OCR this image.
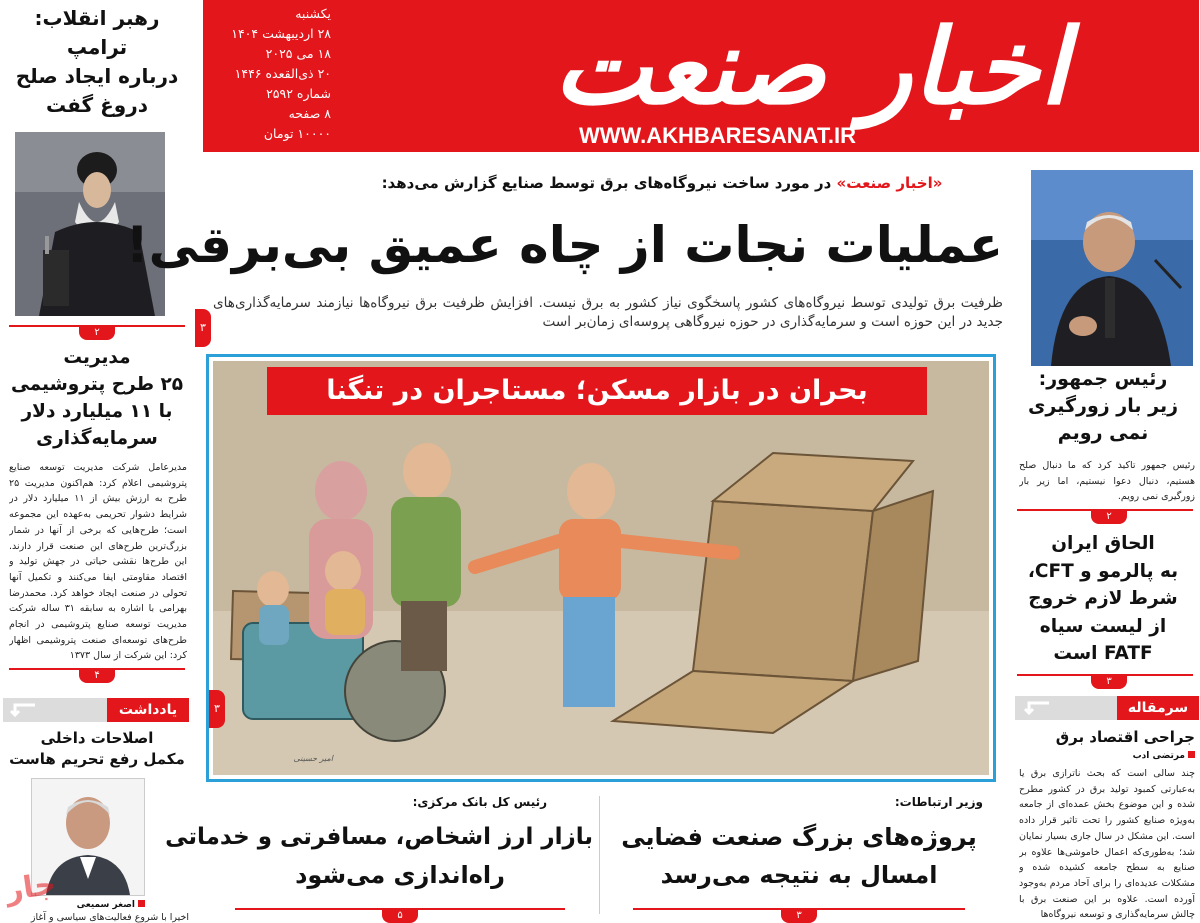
اخبار صنعت
WWW.AKHBARESANAT.IR
یکشنبه
۲۸ اردیبهشت ۱۴۰۴
۱۸ می ۲۰۲۵
۲۰ ذی‌القعده ۱۴۴۶
شماره ۲۵۹۲
۸ صفحه
۱۰۰۰۰ تومان
رهبر انقلاب:
ترامپ
درباره ایجاد صلح
دروغ گفت
۲
مدیریت
۲۵ طرح پتروشیمی
با ۱۱ میلیارد دلار
سرمایه‌گذاری
مدیرعامل شرکت مدیریت توسعه صنایع پتروشیمی اعلام کرد: هم‌اکنون مدیریت ۲۵ طرح به ارزش بیش از ۱۱ میلیارد دلار در شرایط دشوار تحریمی به‌عهده این مجموعه است؛ طرح‌هایی که برخی از آنها در شمار بزرگ‌ترین طرح‌های این صنعت قرار دارند. این طرح‌ها نقشی حیاتی در جهش تولید و اقتصاد مقاومتی ایفا می‌کنند و تکمیل آنها تحولی در صنعت ایجاد خواهد کرد. محمدرضا بهرامی با اشاره به سابقه ۳۱ ساله شرکت مدیریت توسعه صنایع پتروشیمی در انجام طرح‌های توسعه‌ای صنعت پتروشیمی اظهار کرد: این شرکت از سال ۱۳۷۳
۴
یادداشت
اصلاحات داخلی
مکمل رفع تحریم هاست
اصغر سمیعی
اخیرا با شروع فعالیت‌های سیاسی و آغاز
«اخبار صنعت» در مورد ساخت نیروگاه‌های برق توسط صنایع گزارش می‌دهد:
عملیات نجات از چاه عمیق بی‌برقی!
ظرفیت برق تولیدی توسط نیروگاه‌های کشور پاسخگوی نیاز کشور به برق نیست. افزایش ظرفیت برق نیروگاه‌ها نیازمند سرمایه‌گذاری‌های جدید در این حوزه است و سرمایه‌گذاری در حوزه نیروگاهی پروسه‌ای زمان‌بر است
۳
بحران در بازار مسکن؛ مستاجران در تنگنا
امیر حسینی
۳
وزیر ارتباطات:
پروژه‌های بزرگ صنعت فضایی
امسال به نتیجه می‌رسد
۳
رئیس کل بانک مرکزی:
بازار ارز اشخاص، مسافرتی و خدماتی
راه‌اندازی می‌شود
۵
رئیس جمهور:
زیر بار زورگیری
نمی رویم
رئیس جمهور تاکید کرد که ما دنبال صلح هستیم، دنبال دعوا نیستیم، اما زیر بار زورگیری نمی رویم.
۲
الحاق ایران
به پالرمو و CFT،
شرط لازم خروج
از لیست سیاه
FATF است
۳
سرمقاله
جراحی اقتصاد برق
مرتضی ادب
چند سالی است که بحث ناترازی برق یا به‌عبارتی کمبود تولید برق در کشور مطرح شده و این موضوع بخش عمده‌ای از جامعه به‌ویژه صنایع کشور را تحت تاثیر قرار داده است. این مشکل در سال جاری بسیار نمایان شد؛ به‌طوری‌که اعمال خاموشی‌ها علاوه بر صنایع به سطح جامعه کشیده شده و مشکلات عدیده‌ای را برای آحاد مردم به‌وجود آورده است. علاوه بر این صنعت برق با چالش سرمایه‌گذاری و توسعه نیروگاه‌ها
جار
